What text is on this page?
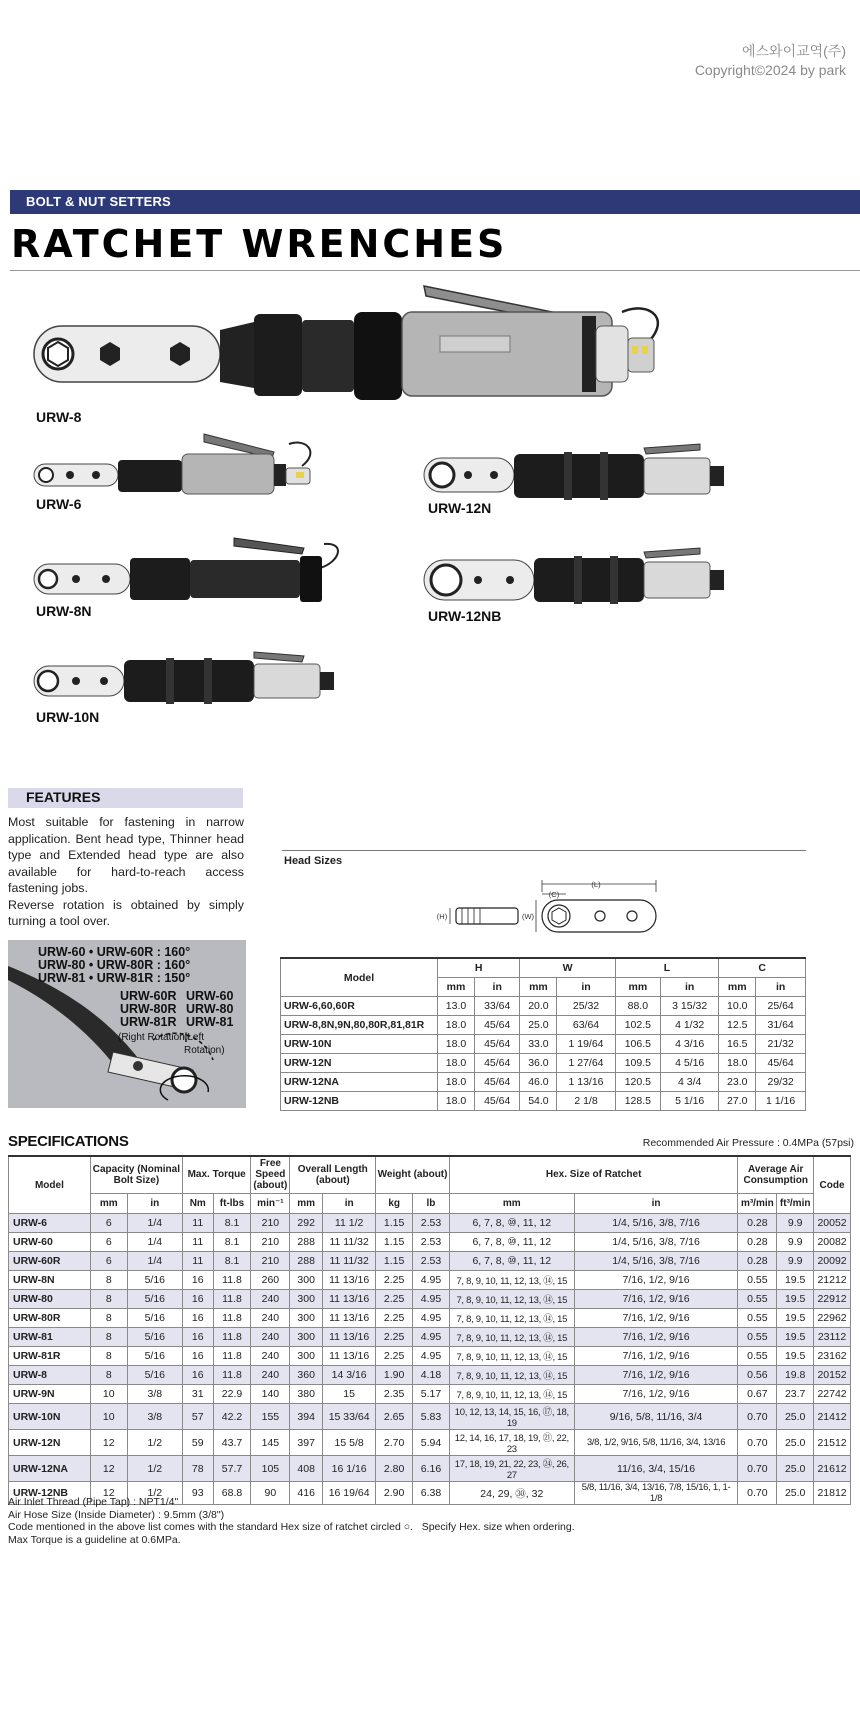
에스와이교역(주)
Copyright©2024 by park
BOLT & NUT SETTERS
RATCHET WRENCHES
URW-8
URW-6	URW-12N
URW-8N	URW-12NB
URW-10N
FEATURES
Most suitable for fastening in narrow application. Bent head type, Thinner head type and Extended head type are also available for hard-to-reach access fastening jobs.
Reverse rotation is obtained by simply turning a tool over.
URW-60 • URW-60R : 160°
URW-80 • URW-80R : 160°
URW-81 • URW-81R : 150°
URW-60R
URW-80R
URW-81R
URW-60
URW-80
URW-81
(Right Rotation)
(Left Rotation)
Head Sizes
(L)
(C)
(W)
(H)
Model	H		W		L		C	
	mm	in	mm	in	mm	in	mm	in
URW-6,60,60R	13.0	33/64	20.0	25/32	88.0	3 15/32	10.0	25/64
URW-8,8N,9N,80,80R,81,81R	18.0	45/64	25.0	63/64	102.5	4 1/32	12.5	31/64
URW-10N	18.0	45/64	33.0	1 19/64	106.5	4 3/16	16.5	21/32
URW-12N	18.0	45/64	36.0	1 27/64	109.5	4 5/16	18.0	45/64
URW-12NA	18.0	45/64	46.0	1 13/16	120.5	4 3/4	23.0	29/32
URW-12NB	18.0	45/64	54.0	2 1/8	128.5	5 1/16	27.0	1 1/16
SPECIFICATIONS	Recommended Air Pressure : 0.4MPa (57psi)
Model	Capacity (Nominal Bolt Size)		Max. Torque		Free Speed (about)	Overall Length (about)		Weight (about)		Hex. Size of Ratchet		Average Air Consumption		Code
	mm	in	Nm	ft-lbs	min⁻¹	mm	in	kg	lb	mm	in	m³/min	ft³/min	
URW-6	6	1/4	11	8.1	210	292	11 1/2	1.15	2.53	6, 7, 8, ⑩, 11, 12	1/4, 5/16, 3/8, 7/16	0.28	9.9	20052
URW-60	6	1/4	11	8.1	210	288	11 11/32	1.15	2.53	6, 7, 8, ⑩, 11, 12	1/4, 5/16, 3/8, 7/16	0.28	9.9	20082
URW-60R	6	1/4	11	8.1	210	288	11 11/32	1.15	2.53	6, 7, 8, ⑩, 11, 12	1/4, 5/16, 3/8, 7/16	0.28	9.9	20092
URW-8N	8	5/16	16	11.8	260	300	11 13/16	2.25	4.95	7, 8, 9, 10, 11, 12, 13, ⑭, 15	7/16, 1/2, 9/16	0.55	19.5	21212
URW-80	8	5/16	16	11.8	240	300	11 13/16	2.25	4.95	7, 8, 9, 10, 11, 12, 13, ⑭, 15	7/16, 1/2, 9/16	0.55	19.5	22912
URW-80R	8	5/16	16	11.8	240	300	11 13/16	2.25	4.95	7, 8, 9, 10, 11, 12, 13, ⑭, 15	7/16, 1/2, 9/16	0.55	19.5	22962
URW-81	8	5/16	16	11.8	240	300	11 13/16	2.25	4.95	7, 8, 9, 10, 11, 12, 13, ⑭, 15	7/16, 1/2, 9/16	0.55	19.5	23112
URW-81R	8	5/16	16	11.8	240	300	11 13/16	2.25	4.95	7, 8, 9, 10, 11, 12, 13, ⑭, 15	7/16, 1/2, 9/16	0.55	19.5	23162
URW-8	8	5/16	16	11.8	240	360	14 3/16	1.90	4.18	7, 8, 9, 10, 11, 12, 13, ⑭, 15	7/16, 1/2, 9/16	0.56	19.8	20152
URW-9N	10	3/8	31	22.9	140	380	15	2.35	5.17	7, 8, 9, 10, 11, 12, 13, ⑭, 15	7/16, 1/2, 9/16	0.67	23.7	22742
URW-10N	10	3/8	57	42.2	155	394	15 33/64	2.65	5.83	10, 12, 13, 14, 15, 16, ⑰, 18, 19	9/16, 5/8, 11/16, 3/4	0.70	25.0	21412
URW-12N	12	1/2	59	43.7	145	397	15 5/8	2.70	5.94	12, 14, 16, 17, 18, 19, ㉑, 22, 23	3/8, 1/2, 9/16, 5/8, 11/16, 3/4, 13/16	0.70	25.0	21512
URW-12NA	12	1/2	78	57.7	105	408	16 1/16	2.80	6.16	17, 18, 19, 21, 22, 23, ㉔, 26, 27	11/16, 3/4, 15/16	0.70	25.0	21612
URW-12NB	12	1/2	93	68.8	90	416	16 19/64	2.90	6.38	24, 29, ㉚, 32	5/8, 11/16, 3/4, 13/16, 7/8, 15/16, 1, 1-1/8	0.70	25.0	21812
Air Inlet Thread (Pipe Tap) : NPT1/4"
Air Hose Size (Inside Diameter) : 9.5mm (3/8")
Code mentioned in the above list comes with the standard Hex size of ratchet circled ○.   Specify Hex. size when ordering.
Max Torque is a guideline at 0.6MPa.
